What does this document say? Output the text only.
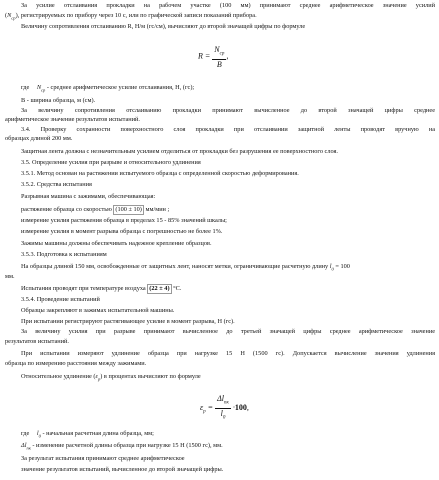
За усилие отслаивания прокладки на рабочем участке (100 мм) принимают среднее арифметическое значение усилий
$(N_{ср})$, регистрируемых по прибору через 10 с, или по графической записи показаний прибора.
Величину сопротивления отслаиванию R, Н/м (гс/см), вычисляют до второй значащей цифры по формуле
$R = \frac{N_{ср}}{B}$ ,
где $N_{ср}$ - среднее арифметическое усилие отслаивания, Н, (гс);
B - ширина образца, м (см).
За величину сопротивления отслаиванию прокладки принимают вычисленное до второй значащей цифры среднее
арифметическое значение результатов испытаний.
3.4. Проверку сохранности поверхностного слоя прокладки при отслаивании защитной ленты проводят вручную на
образцах длиной 200 мм.
Защитная лента должна с незначительным усилием отделиться от прокладки без разрушения ее поверхностного слоя.
3.5. Определение усилия при разрыве и относительного удлинения
3.5.1. Метод основан на растяжении испытуемого образца с определенной скоростью деформирования.
3.5.2. Средства испытания
Разрывная машина с зажимами, обеспечивающая:
растяжение образца со скоростью (100 ± 10) мм/мин ;
измерение усилия растяжения образца в пределах 15 - 85% значений шкалы;
измерение усилия в момент разрыва образца с погрешностью не более 1%.
Зажимы машины должны обеспечивать надежное крепление образцов.
3.5.3. Подготовка к испытаниям
На образцы длиной 150 мм, освобожденные от защитных лент, наносят метки, ограничивающие расчетную длину $l_0 = 100$
мм.
Испытания проводят при температуре воздуха (22 ± 4) °С.
3.5.4. Проведение испытаний
Образцы закрепляют в зажимах испытательной машины.
При испытании регистрируют растягивающее усилие в момент разрыва, Н (гс).
За величину усилия при разрыве принимают вычисленное до третьей значащей цифры среднее арифметическое значение
результатов испытаний.
При испытании измеряют удлинение образца при нагрузке 15 Н (1500 гс). Допускается вычисление значения удлинения
образца по измерению расстояния между зажимами.
Относительное удлинение $(\varepsilon_р)$ в процентах вычисляют по формуле
$\varepsilon_р = \frac{\Delta l_{пк}}{l_0} \cdot 100$,
где $l_0$ - начальная расчетная длина образца, мм;
$\Delta l_{пк}$ - изменение расчетной длины образца при нагрузке 15 Н (1500 гс), мм.
За результат испытания принимают среднее арифметическое
значение результатов испытаний, вычисленное до второй значащей цифры.
